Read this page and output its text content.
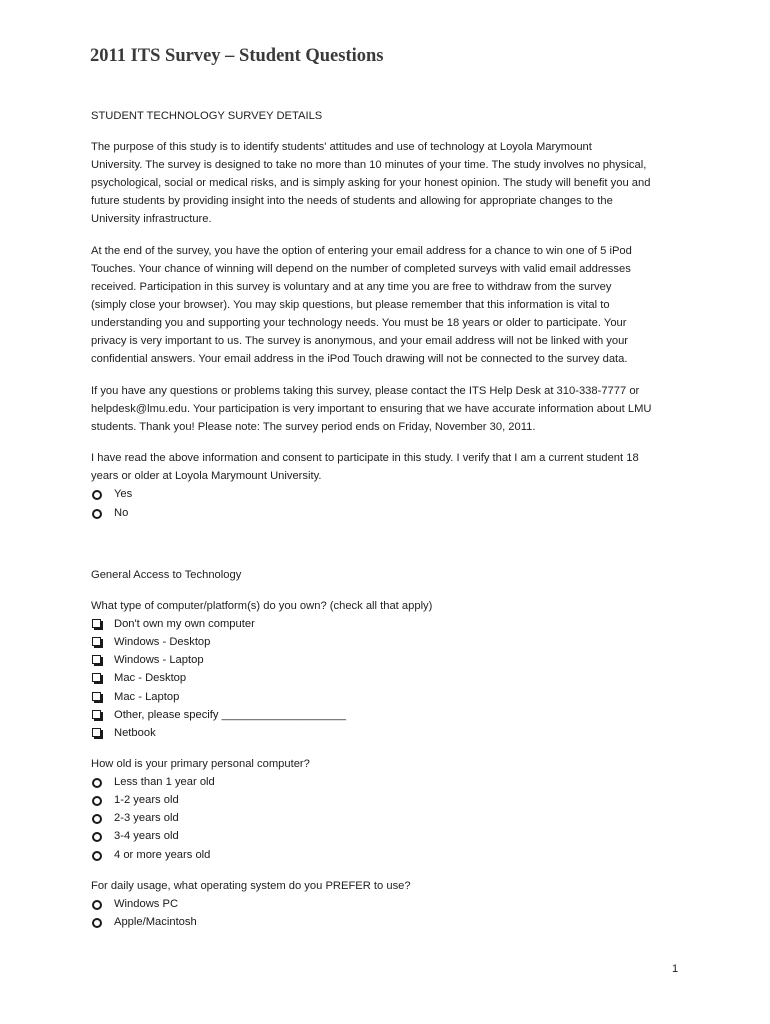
2011 ITS Survey – Student Questions
STUDENT TECHNOLOGY SURVEY DETAILS
The purpose of this study is to identify students' attitudes and use of technology at Loyola Marymount
University. The survey is designed to take no more than 10 minutes of your time. The study involves no physical,
psychological, social or medical risks, and is simply asking for your honest opinion. The study will benefit you and
future students by providing insight into the needs of students and allowing for appropriate changes to the
University infrastructure.
At the end of the survey, you have the option of entering your email address for a chance to win one of 5 iPod
Touches. Your chance of winning will depend on the number of completed surveys with valid email addresses
received. Participation in this survey is voluntary and at any time you are free to withdraw from the survey
(simply close your browser). You may skip questions, but please remember that this information is vital to
understanding you and supporting your technology needs. You must be 18 years or older to participate. Your
privacy is very important to us. The survey is anonymous, and your email address will not be linked with your
confidential answers. Your email address in the iPod Touch drawing will not be connected to the survey data.
If you have any questions or problems taking this survey, please contact the ITS Help Desk at 310-338-7777 or
helpdesk@lmu.edu. Your participation is very important to ensuring that we have accurate information about LMU
students. Thank you! Please note: The survey period ends on Friday, November 30, 2011.
I have read the above information and consent to participate in this study. I verify that I am a current student 18
years or older at Loyola Marymount University.
Yes
No
General Access to Technology
What type of computer/platform(s) do you own? (check all that apply)
Don't own my own computer
Windows - Desktop
Windows - Laptop
Mac - Desktop
Mac - Laptop
Other, please specify ____________________
Netbook
How old is your primary personal computer?
Less than 1 year old
1-2 years old
2-3 years old
3-4 years old
4 or more years old
For daily usage, what operating system do you PREFER to use?
Windows PC
Apple/Macintosh
1
